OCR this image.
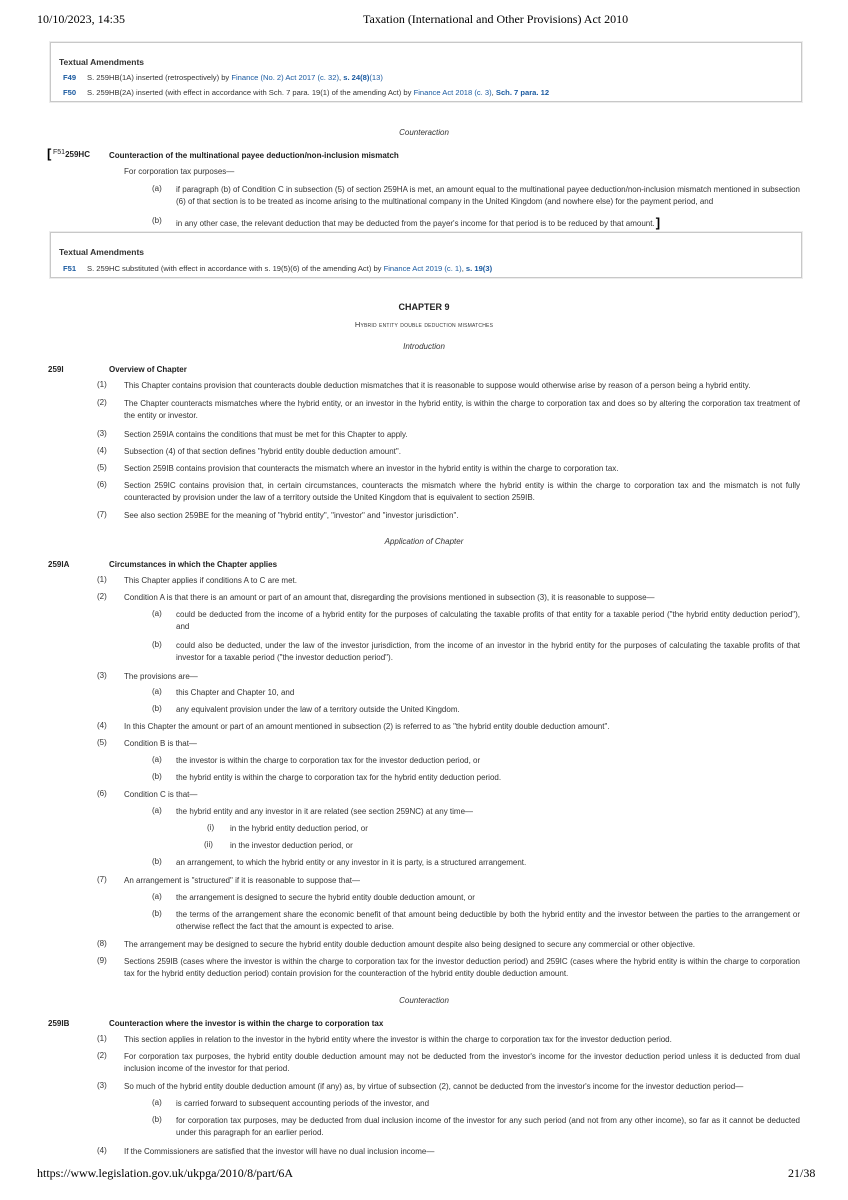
10/10/2023, 14:35	Taxation (International and Other Provisions) Act 2010
Textual Amendments
F49 S. 259HB(1A) inserted (retrospectively) by Finance (No. 2) Act 2017 (c. 32), s. 24(8)(13)
F50 S. 259HB(2A) inserted (with effect in accordance with Sch. 7 para. 19(1) of the amending Act) by Finance Act 2018 (c. 3), Sch. 7 para. 12
Counteraction
[ F51259HC Counteraction of the multinational payee deduction/non-inclusion mismatch
For corporation tax purposes—
(a) if paragraph (b) of Condition C in subsection (5) of section 259HA is met, an amount equal to the multinational payee deduction/non-inclusion mismatch mentioned in subsection (6) of that section is to be treated as income arising to the multinational company in the United Kingdom (and nowhere else) for the payment period, and
(b) in any other case, the relevant deduction that may be deducted from the payer's income for that period is to be reduced by that amount.]
Textual Amendments
F51 S. 259HC substituted (with effect in accordance with s. 19(5)(6) of the amending Act) by Finance Act 2019 (c. 1), s. 19(3)
CHAPTER 9
Hybrid entity double deduction mismatches
Introduction
259I	Overview of Chapter
(1) This Chapter contains provision that counteracts double deduction mismatches that it is reasonable to suppose would otherwise arise by reason of a person being a hybrid entity.
(2) The Chapter counteracts mismatches where the hybrid entity, or an investor in the hybrid entity, is within the charge to corporation tax and does so by altering the corporation tax treatment of the entity or investor.
(3) Section 259IA contains the conditions that must be met for this Chapter to apply.
(4) Subsection (4) of that section defines "hybrid entity double deduction amount".
(5) Section 259IB contains provision that counteracts the mismatch where an investor in the hybrid entity is within the charge to corporation tax.
(6) Section 259IC contains provision that, in certain circumstances, counteracts the mismatch where the hybrid entity is within the charge to corporation tax and the mismatch is not fully counteracted by provision under the law of a territory outside the United Kingdom that is equivalent to section 259IB.
(7) See also section 259BE for the meaning of "hybrid entity", "investor" and "investor jurisdiction".
Application of Chapter
259IA	Circumstances in which the Chapter applies
(1) This Chapter applies if conditions A to C are met.
(2) Condition A is that there is an amount or part of an amount that, disregarding the provisions mentioned in subsection (3), it is reasonable to suppose—
(a) could be deducted from the income of a hybrid entity for the purposes of calculating the taxable profits of that entity for a taxable period ("the hybrid entity deduction period"), and
(b) could also be deducted, under the law of the investor jurisdiction, from the income of an investor in the hybrid entity for the purposes of calculating the taxable profits of that investor for a taxable period ("the investor deduction period").
(3) The provisions are—
(a) this Chapter and Chapter 10, and
(b) any equivalent provision under the law of a territory outside the United Kingdom.
(4) In this Chapter the amount or part of an amount mentioned in subsection (2) is referred to as "the hybrid entity double deduction amount".
(5) Condition B is that—
(a) the investor is within the charge to corporation tax for the investor deduction period, or
(b) the hybrid entity is within the charge to corporation tax for the hybrid entity deduction period.
(6) Condition C is that—
(a) the hybrid entity and any investor in it are related (see section 259NC) at any time—
(i) in the hybrid entity deduction period, or
(ii) in the investor deduction period, or
(b) an arrangement, to which the hybrid entity or any investor in it is party, is a structured arrangement.
(7) An arrangement is "structured" if it is reasonable to suppose that—
(a) the arrangement is designed to secure the hybrid entity double deduction amount, or
(b) the terms of the arrangement share the economic benefit of that amount being deductible by both the hybrid entity and the investor between the parties to the arrangement or otherwise reflect the fact that the amount is expected to arise.
(8) The arrangement may be designed to secure the hybrid entity double deduction amount despite also being designed to secure any commercial or other objective.
(9) Sections 259IB (cases where the investor is within the charge to corporation tax for the investor deduction period) and 259IC (cases where the hybrid entity is within the charge to corporation tax for the hybrid entity deduction period) contain provision for the counteraction of the hybrid entity double deduction amount.
Counteraction
259IB	Counteraction where the investor is within the charge to corporation tax
(1) This section applies in relation to the investor in the hybrid entity where the investor is within the charge to corporation tax for the investor deduction period.
(2) For corporation tax purposes, the hybrid entity double deduction amount may not be deducted from the investor's income for the investor deduction period unless it is deducted from dual inclusion income of the investor for that period.
(3) So much of the hybrid entity double deduction amount (if any) as, by virtue of subsection (2), cannot be deducted from the investor's income for the investor deduction period—
(a) is carried forward to subsequent accounting periods of the investor, and
(b) for corporation tax purposes, may be deducted from dual inclusion income of the investor for any such period (and not from any other income), so far as it cannot be deducted under this paragraph for an earlier period.
(4) If the Commissioners are satisfied that the investor will have no dual inclusion income—
https://www.legislation.gov.uk/ukpga/2010/8/part/6A	21/38
